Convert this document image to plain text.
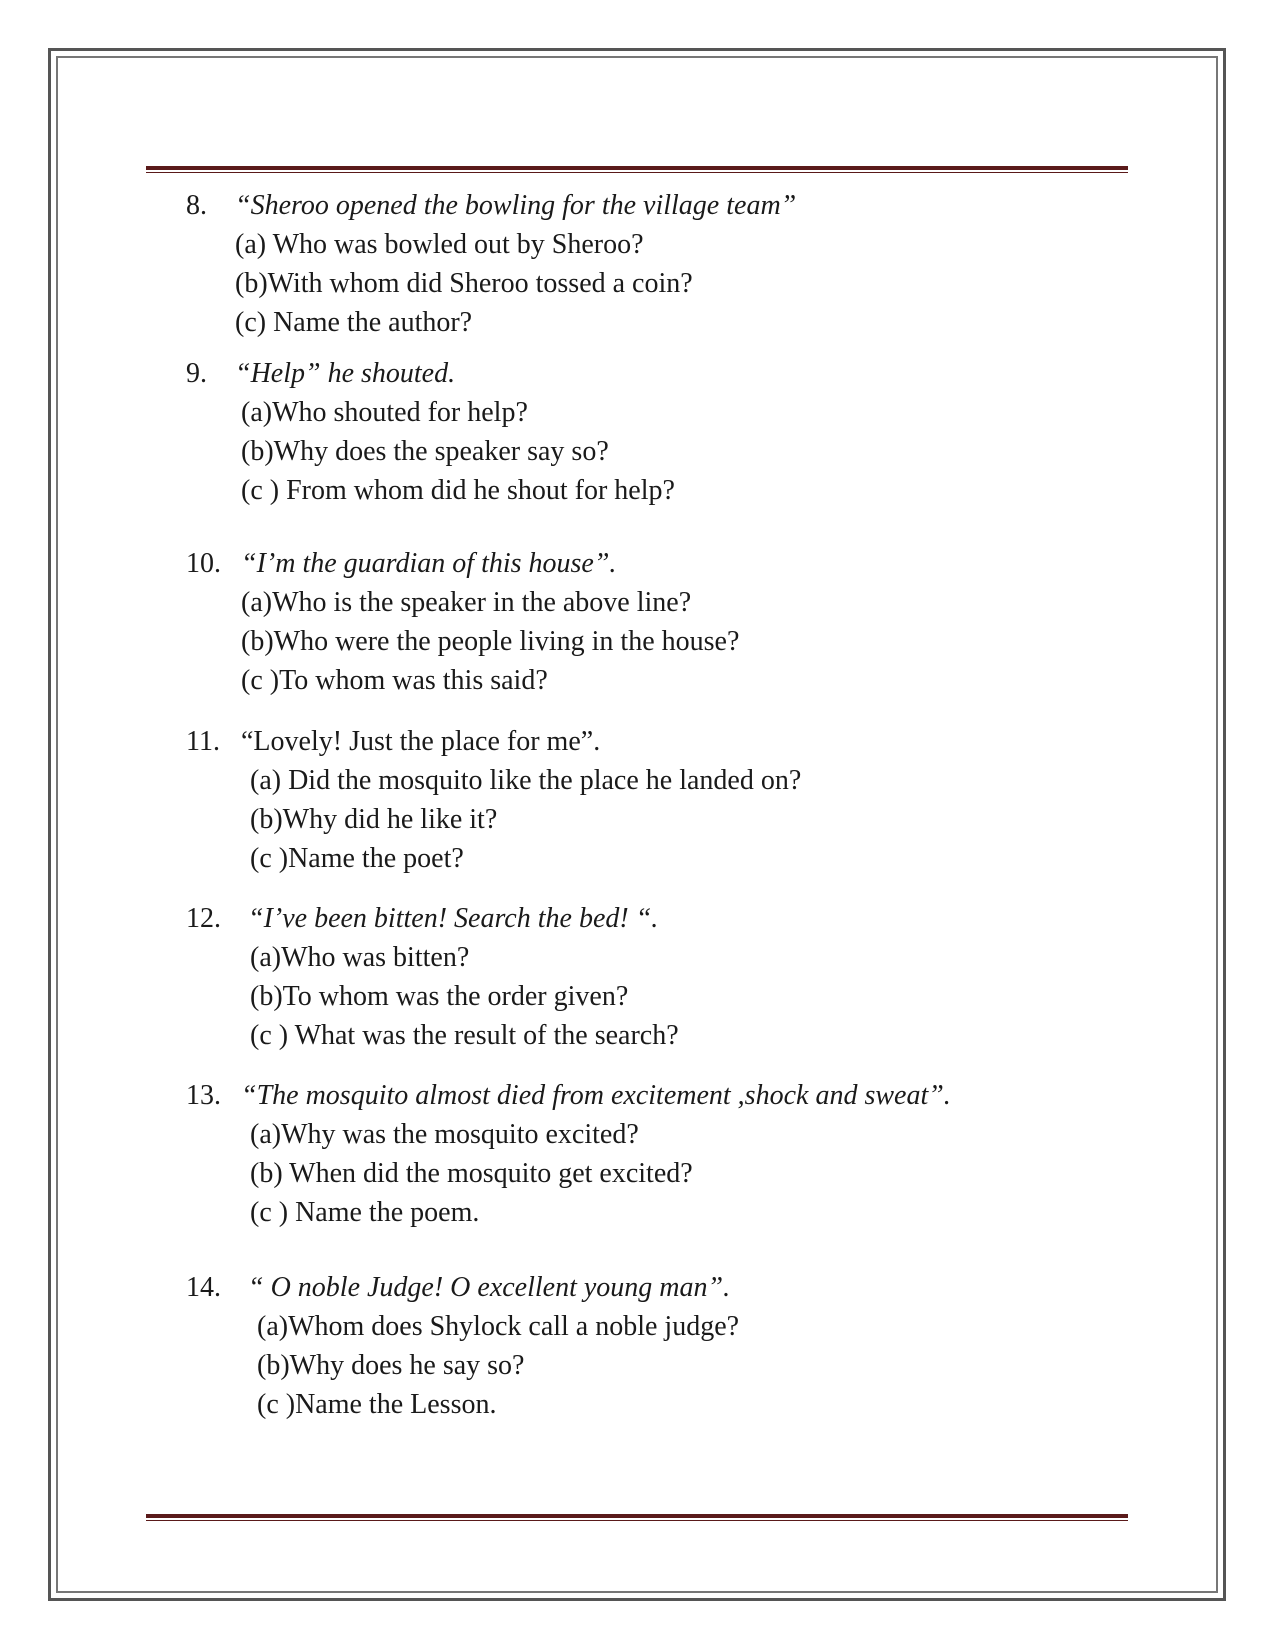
8. “Sheroo opened the bowling for the village team”
(a) Who was bowled out by Sheroo?
(b)With whom did Sheroo tossed a coin?
(c) Name the author?
9. “Help” he shouted.
(a)Who shouted for help?
(b)Why does the speaker say so?
(c ) From whom did he shout for help?
10. “I’m the guardian of this house”.
(a)Who is the speaker in the above line?
(b)Who were the people living in the house?
(c )To whom was this said?
11. “Lovely! Just the place for me”.
(a) Did the mosquito like the place he landed on?
(b)Why did he like it?
(c )Name the poet?
12. “I’ve been bitten! Search the bed! “.
(a)Who was bitten?
(b)To whom was the order given?
(c ) What was the result of the search?
13. “The mosquito almost died from excitement ,shock and sweat”.
(a)Why was the mosquito excited?
(b) When did the mosquito get excited?
(c ) Name the poem.
14. “ O noble Judge! O excellent young man”.
(a)Whom does Shylock call a noble judge?
(b)Why does he say so?
(c )Name the Lesson.
